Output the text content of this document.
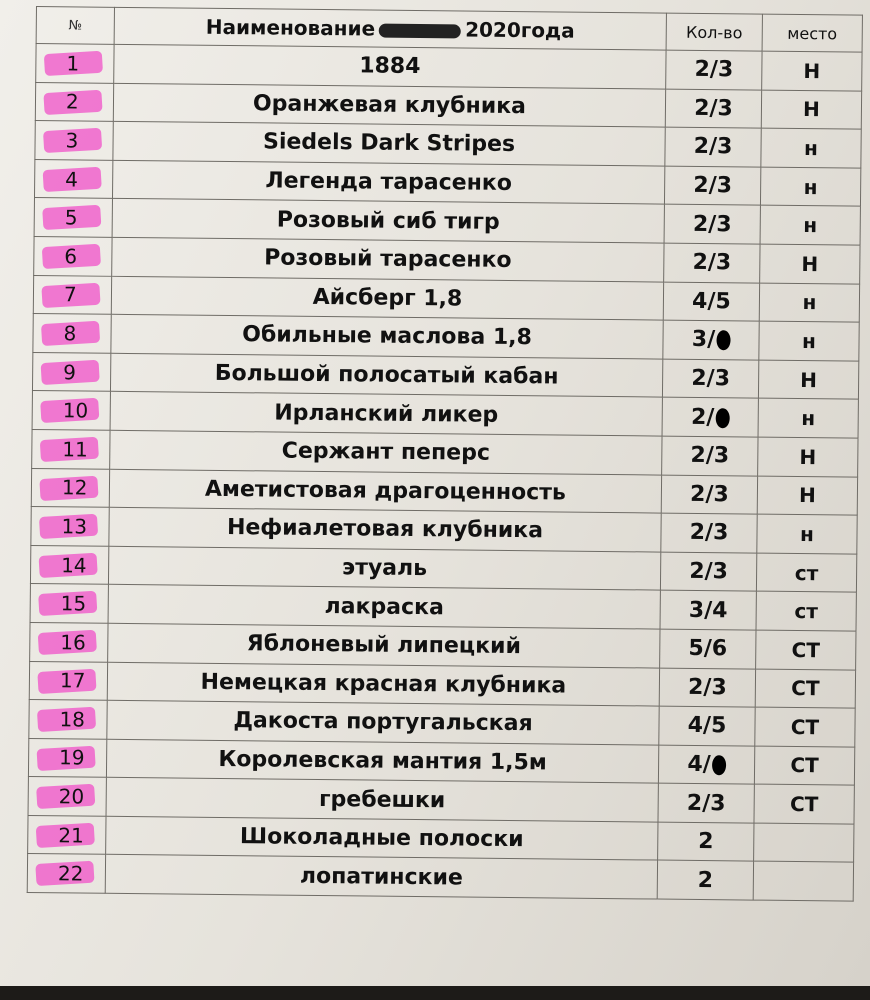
№	Наименование 2020года	Кол-во	место

1	1884	2/3	Н

2	Оранжевая клубника	2/3	Н

3	Siedels Dark Stripes	2/3	н

4	Легенда тарасенко	2/3	н

5	Розовый сиб тигр	2/3	н

6	Розовый тарасенко	2/3	Н

7	Айсберг 1,8	4/5	н

8	Обильные маслова 1,8	3/	н

9	Большой полосатый кабан	2/3	Н

10	Ирланский ликер	2/	н

11	Сержант пеперс	2/3	Н

12	Аметистовая драгоценность	2/3	Н

13	Нефиалетовая клубника	2/3	н

14	этуаль	2/3	ст

15	лакраска	3/4	ст

16	Яблоневый липецкий	5/6	СТ

17	Немецкая красная клубника	2/3	СТ

18	Дакоста португальская	4/5	СТ

19	Королевская мантия 1,5м	4/	СТ

20	гребешки	2/3	СТ

21	Шоколадные полоски	2	

22	лопатинские	2	
